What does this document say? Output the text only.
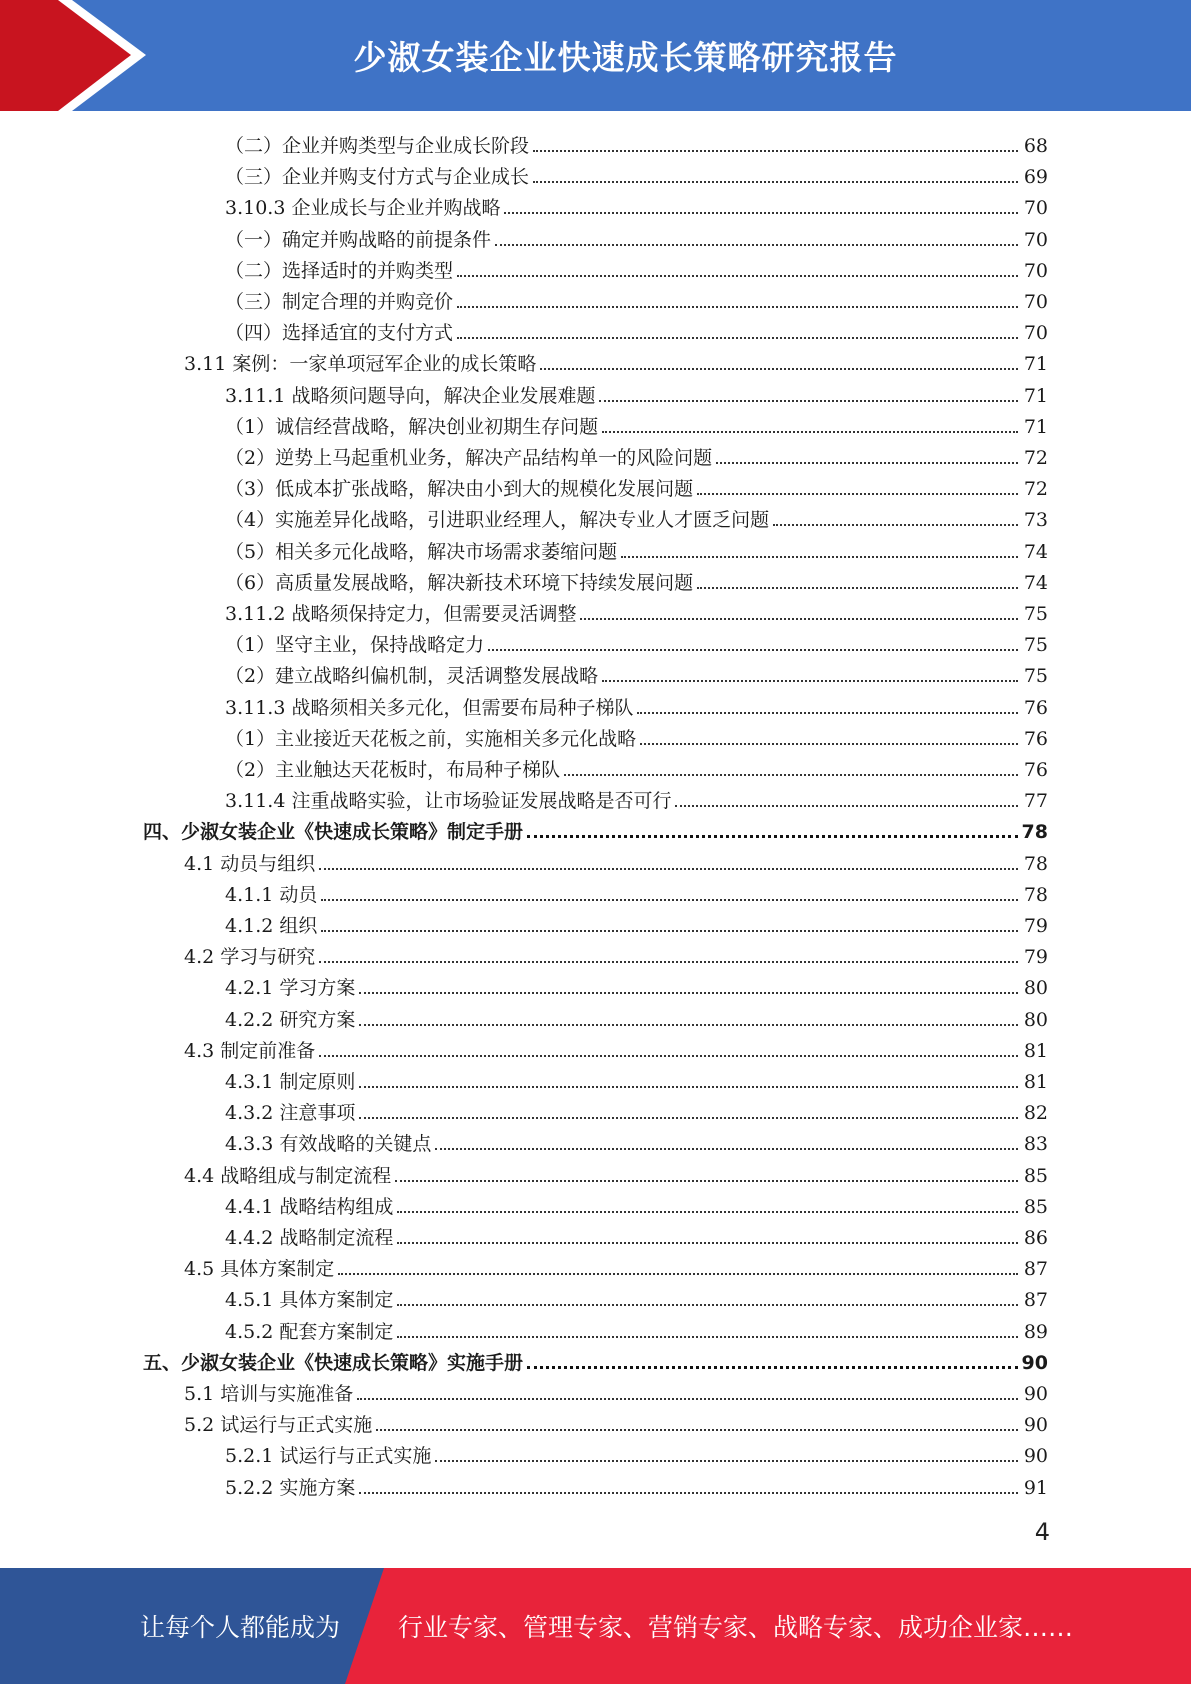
少淑女装企业快速成长策略研究报告
（二）企业并购类型与企业成长阶段	68
（三）企业并购支付方式与企业成长	69
3.10.3 企业成长与企业并购战略	70
（一）确定并购战略的前提条件	70
（二）选择适时的并购类型	70
（三）制定合理的并购竞价	70
（四）选择适宜的支付方式	70
3.11 案例：一家单项冠军企业的成长策略	71
3.11.1 战略须问题导向，解决企业发展难题	71
（1）诚信经营战略，解决创业初期生存问题	71
（2）逆势上马起重机业务，解决产品结构单一的风险问题	72
（3）低成本扩张战略，解决由小到大的规模化发展问题	72
（4）实施差异化战略，引进职业经理人，解决专业人才匮乏问题	73
（5）相关多元化战略，解决市场需求萎缩问题	74
（6）高质量发展战略，解决新技术环境下持续发展问题	74
3.11.2 战略须保持定力，但需要灵活调整	75
（1）坚守主业，保持战略定力	75
（2）建立战略纠偏机制，灵活调整发展战略	75
3.11.3 战略须相关多元化，但需要布局种子梯队	76
（1）主业接近天花板之前，实施相关多元化战略	76
（2）主业触达天花板时，布局种子梯队	76
3.11.4 注重战略实验，让市场验证发展战略是否可行	77
四、少淑女装企业《快速成长策略》制定手册	78
4.1 动员与组织	78
4.1.1 动员	78
4.1.2 组织	79
4.2 学习与研究	79
4.2.1 学习方案	80
4.2.2 研究方案	80
4.3 制定前准备	81
4.3.1 制定原则	81
4.3.2 注意事项	82
4.3.3 有效战略的关键点	83
4.4 战略组成与制定流程	85
4.4.1 战略结构组成	85
4.4.2 战略制定流程	86
4.5 具体方案制定	87
4.5.1 具体方案制定	87
4.5.2 配套方案制定	89
五、少淑女装企业《快速成长策略》实施手册	90
5.1 培训与实施准备	90
5.2 试运行与正式实施	90
5.2.1 试运行与正式实施	90
5.2.2 实施方案	91
4
让每个人都能成为 行业专家、管理专家、营销专家、战略专家、成功企业家……
